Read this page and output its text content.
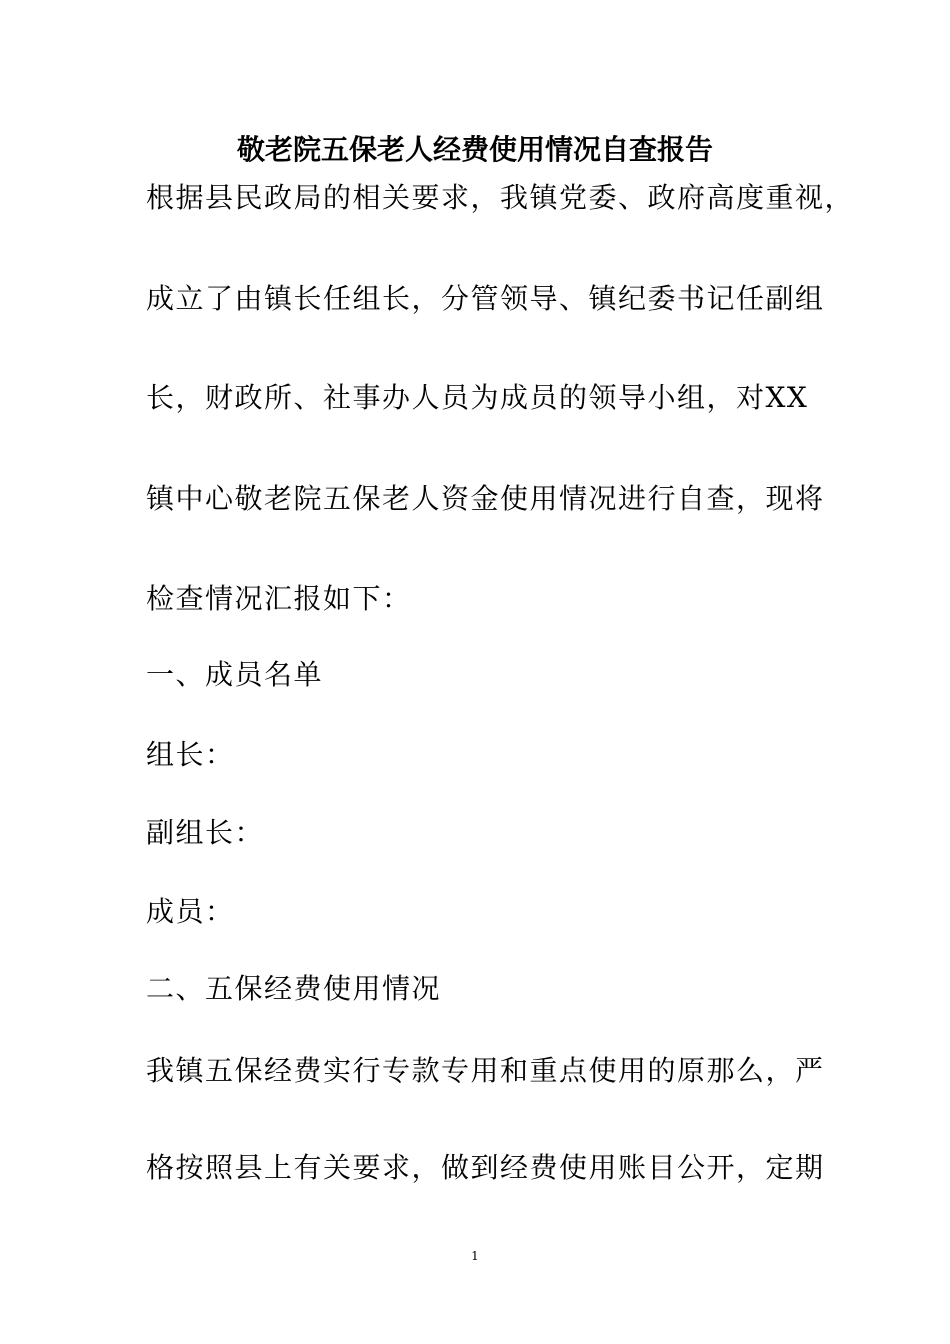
敬老院五保老人经费使用情况自查报告
根据县民政局的相关要求，我镇党委、政府高度重视，
成立了由镇长任组长，分管领导、镇纪委书记任副组
长，财政所、社事办人员为成员的领导小组，对XX
镇中心敬老院五保老人资金使用情况进行自查，现将
检查情况汇报如下：
一、成员名单
组长：
副组长：
成员：
二、五保经费使用情况
我镇五保经费实行专款专用和重点使用的原那么，严
格按照县上有关要求，做到经费使用账目公开，定期
1
